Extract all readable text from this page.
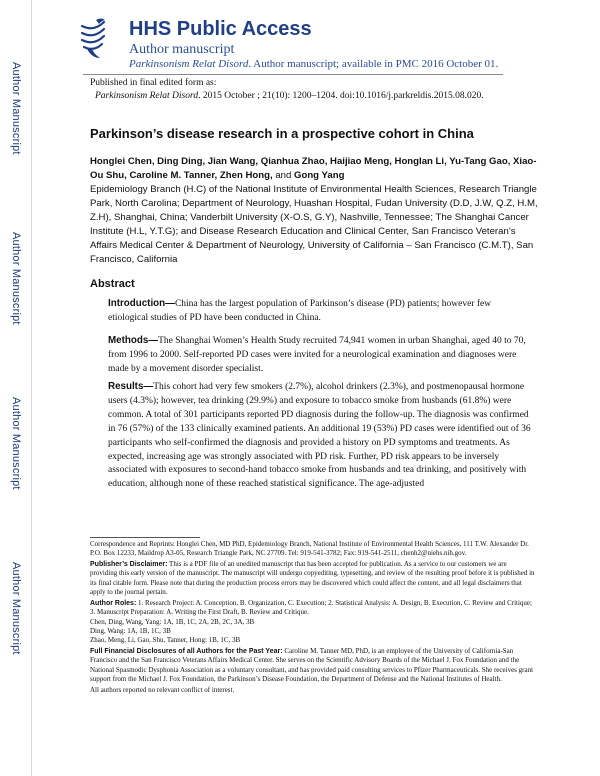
Author Manuscript
Author Manuscript
Author Manuscript
Author Manuscript
HHS Public Access
Author manuscript
Parkinsonism Relat Disord. Author manuscript; available in PMC 2016 October 01.
Published in final edited form as:
Parkinsonism Relat Disord. 2015 October ; 21(10): 1200–1204. doi:10.1016/j.parkreldis.2015.08.020.
Parkinson’s disease research in a prospective cohort in China
Honglei Chen, Ding Ding, Jian Wang, Qianhua Zhao, Haijiao Meng, Honglan Li, Yu-Tang Gao, Xiao-Ou Shu, Caroline M. Tanner, Zhen Hong, and Gong Yang
Epidemiology Branch (H.C) of the National Institute of Environmental Health Sciences, Research Triangle Park, North Carolina; Department of Neurology, Huashan Hospital, Fudan University (D.D, J.W, Q.Z, H.M, Z.H), Shanghai, China; Vanderbilt University (X-O.S, G.Y), Nashville, Tennessee; The Shanghai Cancer Institute (H.L, Y.T.G); and Disease Research Education and Clinical Center, San Francisco Veteran’s Affairs Medical Center & Department of Neurology, University of California – San Francisco (C.M.T), San Francisco, California
Abstract
Introduction—China has the largest population of Parkinson’s disease (PD) patients; however few etiological studies of PD have been conducted in China.
Methods—The Shanghai Women’s Health Study recruited 74,941 women in urban Shanghai, aged 40 to 70, from 1996 to 2000. Self-reported PD cases were invited for a neurological examination and diagnoses were made by a movement disorder specialist.
Results—This cohort had very few smokers (2.7%), alcohol drinkers (2.3%), and postmenopausal hormone users (4.3%); however, tea drinking (29.9%) and exposure to tobacco smoke from husbands (61.8%) were common. A total of 301 participants reported PD diagnosis during the follow-up. The diagnosis was confirmed in 76 (57%) of the 133 clinically examined patients. An additional 19 (53%) PD cases were identified out of 36 participants who self-confirmed the diagnosis and provided a history on PD symptoms and treatments. As expected, increasing age was strongly associated with PD risk. Further, PD risk appears to be inversely associated with exposures to second-hand tobacco smoke from husbands and tea drinking, and positively with education, although none of these reached statistical significance. The age-adjusted

Correspondence and Reprints: Honglei Chen, MD PhD, Epidemiology Branch, National Institute of Environmental Health Sciences, 111 T.W. Alexander Dr. P.O. Box 12233, Maildrop A3-05, Research Triangle Park, NC 27709. Tel: 919-541-3782; Fax: 919-541-2511, chenh2@niehs.nih.gov.

Publisher’s Disclaimer: This is a PDF file of an unedited manuscript that has been accepted for publication. As a service to our customers we are providing this early version of the manuscript. The manuscript will undergo copyediting, typesetting, and review of the resulting proof before it is published in its final citable form. Please note that during the production process errors may be discovered which could affect the content, and all legal disclaimers that apply to the journal pertain.

Author Roles: 1. Research Project: A. Conception, B. Organization, C. Execution; 2. Statistical Analysis: A. Design, B. Execution, C. Review and Critique; 3. Manuscript Preparation: A. Writing the First Draft, B. Review and Critique.

Chen, Ding, Wang, Yang: 1A, 1B, 1C, 2A, 2B, 2C, 3A, 3B

Ding, Wang: 1A, 1B, 1C, 3B

Zhao, Meng, Li, Gao, Shu, Tanner, Hong: 1B, 1C, 3B

Full Financial Disclosures of all Authors for the Past Year: Caroline M. Tanner MD, PhD, is an employee of the University of California-San Francisco and the San Francisco Veterans Affairs Medical Center. She serves on the Scientific Advisory Boards of the Michael J. Fox Foundation and the National Spasmodic Dysphonia Association as a voluntary consultant, and has provided paid consulting services to Pfizer Pharmaceuticals. She receives grant support from the Michael J. Fox Foundation, the Parkinson’s Disease Foundation, the Department of Defense and the National Institutes of Health.

All authors reported no relevant conflict of interest.
